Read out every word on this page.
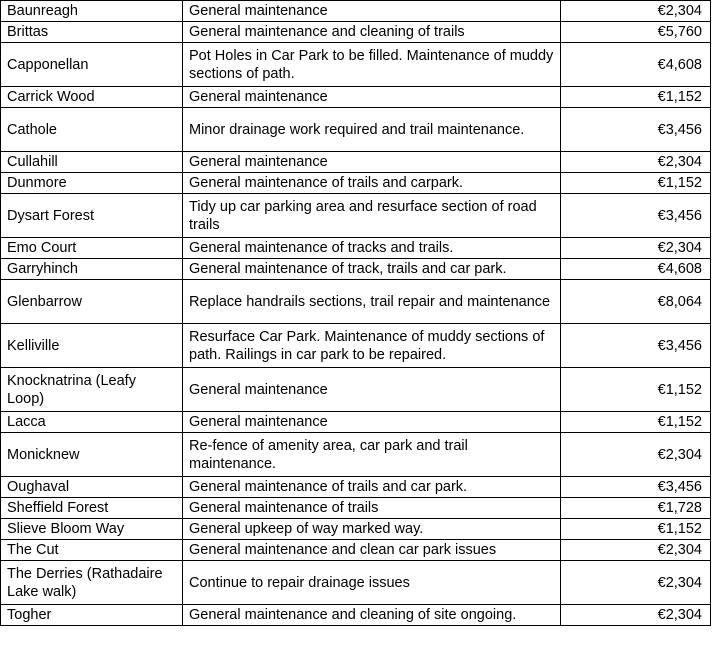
Baunreagh	General maintenance	€2,304
Brittas	General maintenance and cleaning of trails	€5,760
Capponellan	Pot Holes in Car Park to be filled. Maintenance of muddy sections of path.	€4,608
Carrick Wood	General maintenance	€1,152
Cathole	Minor drainage work required and trail maintenance.	€3,456
Cullahill	General maintenance	€2,304
Dunmore	General maintenance of trails and carpark.	€1,152
Dysart Forest	Tidy up car parking area and resurface section of road trails	€3,456
Emo Court	General maintenance of tracks and trails.	€2,304
Garryhinch	General maintenance of track, trails and car park.	€4,608
Glenbarrow	Replace handrails sections, trail repair and maintenance	€8,064
Kelliville	Resurface Car Park. Maintenance of muddy sections of path. Railings in car park to be repaired.	€3,456
Knocknatrina (Leafy Loop)	General maintenance	€1,152
Lacca	General maintenance	€1,152
Monicknew	Re-fence of amenity area, car park and trail maintenance.	€2,304
Oughaval	General maintenance of trails and car park.	€3,456
Sheffield Forest	General maintenance of trails	€1,728
Slieve Bloom Way	General upkeep of way marked way.	€1,152
The Cut	General maintenance and clean car park issues	€2,304
The Derries (Rathadaire Lake walk)	Continue to repair drainage issues	€2,304
Togher	General maintenance and cleaning of site ongoing.	€2,304
